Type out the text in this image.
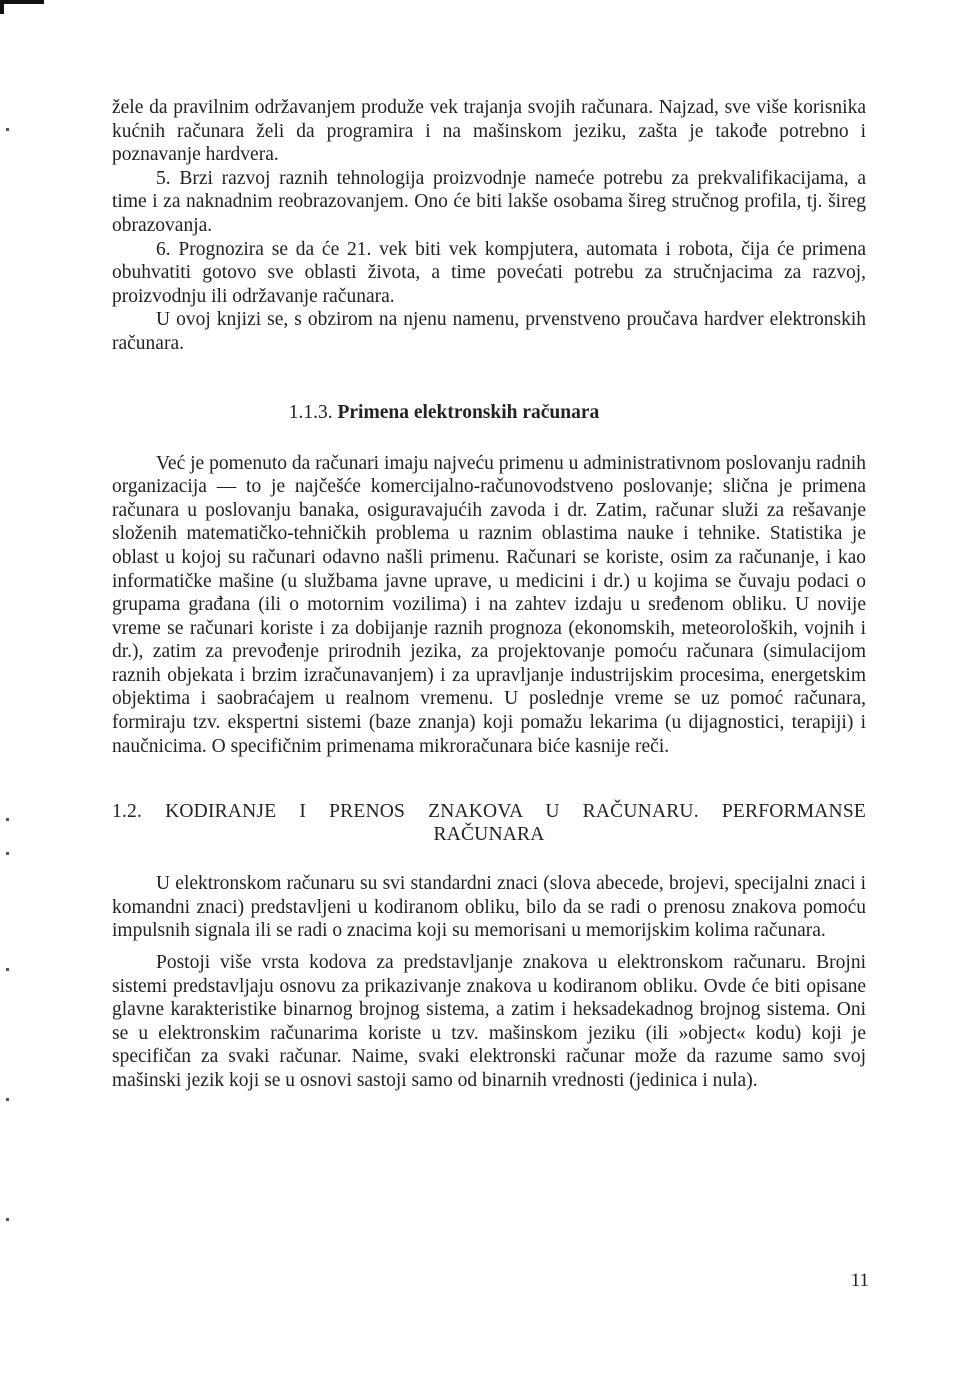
žele da pravilnim održavanjem produže vek trajanja svojih računara. Najzad, sve više korisnika kućnih računara želi da programira i na mašinskom jeziku, zašta je takođe potrebno i poznavanje hardvera.

5. Brzi razvoj raznih tehnologija proizvodnje nameće potrebu za prekvalifikacijama, a time i za naknadnim reobrazovanjem. Ono će biti lakše osobama šireg stručnog profila, tj. šireg obrazovanja.

6. Prognozira se da će 21. vek biti vek kompjutera, automata i robota, čija će primena obuhvatiti gotovo sve oblasti života, a time povećati potrebu za stručnjacima za razvoj, proizvodnju ili održavanje računara.

U ovoj knjizi se, s obzirom na njenu namenu, prvenstveno proučava hardver elektronskih računara.

1.1.3. Primena elektronskih računara

Već je pomenuto da računari imaju najveću primenu u administrativnom poslovanju radnih organizacija — to je najčešće komercijalno-računovodstveno poslovanje; slična je primena računara u poslovanju banaka, osiguravajućih zavoda i dr. Zatim, računar služi za rešavanje složenih matematičko-tehničkih problema u raznim oblastima nauke i tehnike. Statistika je oblast u kojoj su računari odavno našli primenu. Računari se koriste, osim za računanje, i kao informatičke mašine (u službama javne uprave, u medicini i dr.) u kojima se čuvaju podaci o grupama građana (ili o motornim vozilima) i na zahtev izdaju u sređenom obliku. U novije vreme se računari koriste i za dobijanje raznih prognoza (ekonomskih, meteoroloških, vojnih i dr.), zatim za prevođenje prirodnih jezika, za projektovanje pomoću računara (simulacijom raznih objekata i brzim izračunavanjem) i za upravljanje industrijskim procesima, energetskim objektima i saobraćajem u realnom vremenu. U poslednje vreme se uz pomoć računara, formiraju tzv. ekspertni sistemi (baze znanja) koji pomažu lekarima (u dijagnostici, terapiji) i naučnicima. O specifičnim primenama mikroračunara biće kasnije reči.

1.2. KODIRANJE I PRENOS ZNAKOVA U RAČUNARU. PERFORMANSE
RAČUNARA

U elektronskom računaru su svi standardni znaci (slova abecede, brojevi, specijalni znaci i komandni znaci) predstavljeni u kodiranom obliku, bilo da se radi o prenosu znakova pomoću impulsnih signala ili se radi o znacima koji su memorisani u memorijskim kolima računara.

Postoji više vrsta kodova za predstavljanje znakova u elektronskom računaru. Brojni sistemi predstavljaju osnovu za prikazivanje znakova u kodiranom obliku. Ovde će biti opisane glavne karakteristike binarnog brojnog sistema, a zatim i heksadekadnog brojnog sistema. Oni se u elektronskim računarima koriste u tzv. mašinskom jeziku (ili »object« kodu) koji je specifičan za svaki računar. Naime, svaki elektronski računar može da razume samo svoj mašinski jezik koji se u osnovi sastoji samo od binarnih vrednosti (jedinica i nula).

11
